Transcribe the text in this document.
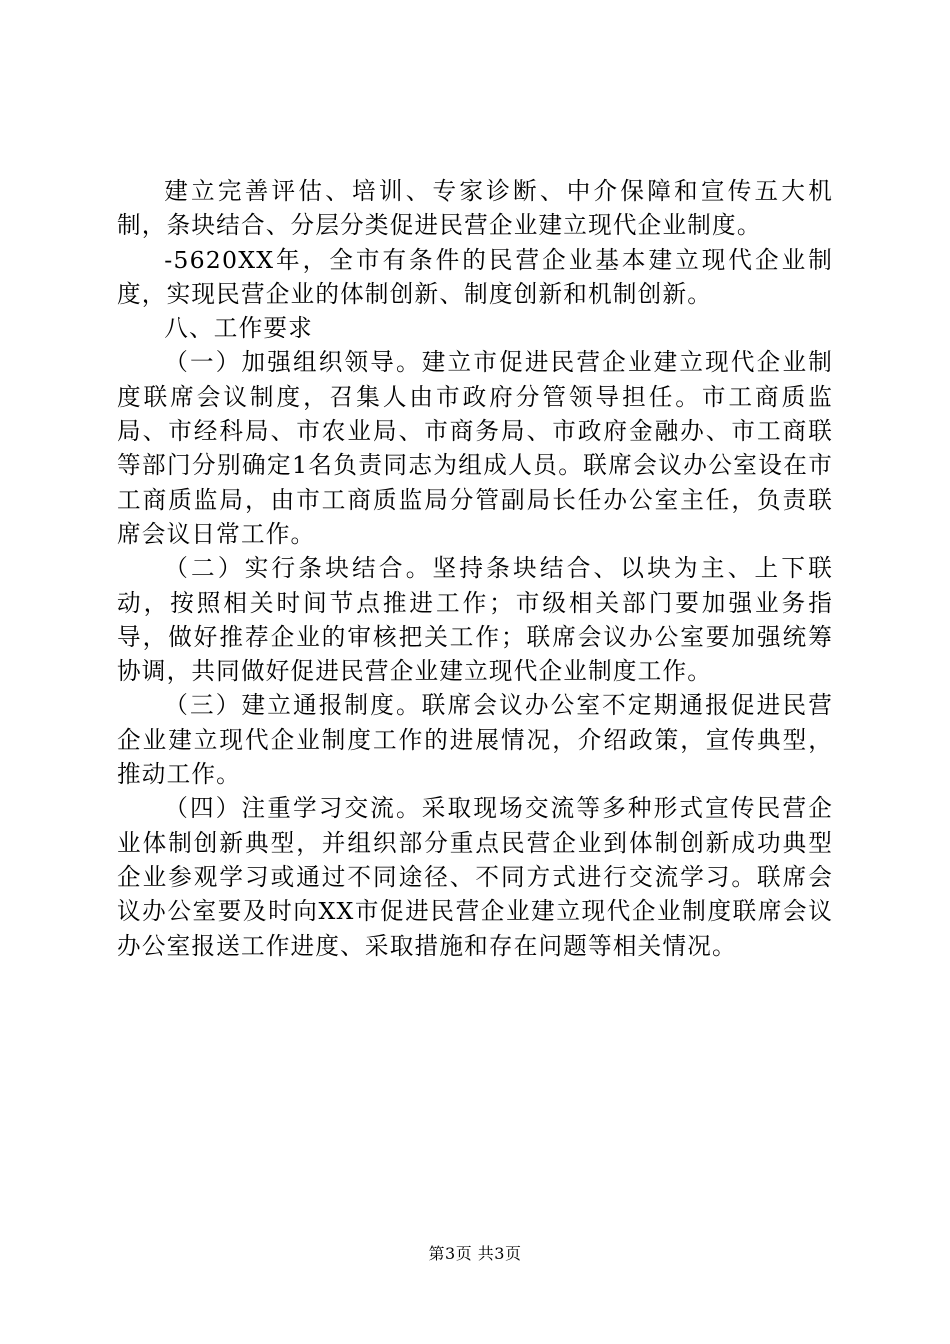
建立完善评估、培训、专家诊断、中介保障和宣传五大机制，条块结合、分层分类促进民营企业建立现代企业制度。

-5620XX年，全市有条件的民营企业基本建立现代企业制度，实现民营企业的体制创新、制度创新和机制创新。

八、工作要求

（一）加强组织领导。建立市促进民营企业建立现代企业制度联席会议制度，召集人由市政府分管领导担任。市工商质监局、市经科局、市农业局、市商务局、市政府金融办、市工商联等部门分别确定1名负责同志为组成人员。联席会议办公室设在市工商质监局，由市工商质监局分管副局长任办公室主任，负责联席会议日常工作。

（二）实行条块结合。坚持条块结合、以块为主、上下联动，按照相关时间节点推进工作；市级相关部门要加强业务指导，做好推荐企业的审核把关工作；联席会议办公室要加强统筹协调，共同做好促进民营企业建立现代企业制度工作。

（三）建立通报制度。联席会议办公室不定期通报促进民营企业建立现代企业制度工作的进展情况，介绍政策，宣传典型，推动工作。

（四）注重学习交流。采取现场交流等多种形式宣传民营企业体制创新典型，并组织部分重点民营企业到体制创新成功典型企业参观学习或通过不同途径、不同方式进行交流学习。联席会议办公室要及时向XX市促进民营企业建立现代企业制度联席会议办公室报送工作进度、采取措施和存在问题等相关情况。

第3页 共3页
